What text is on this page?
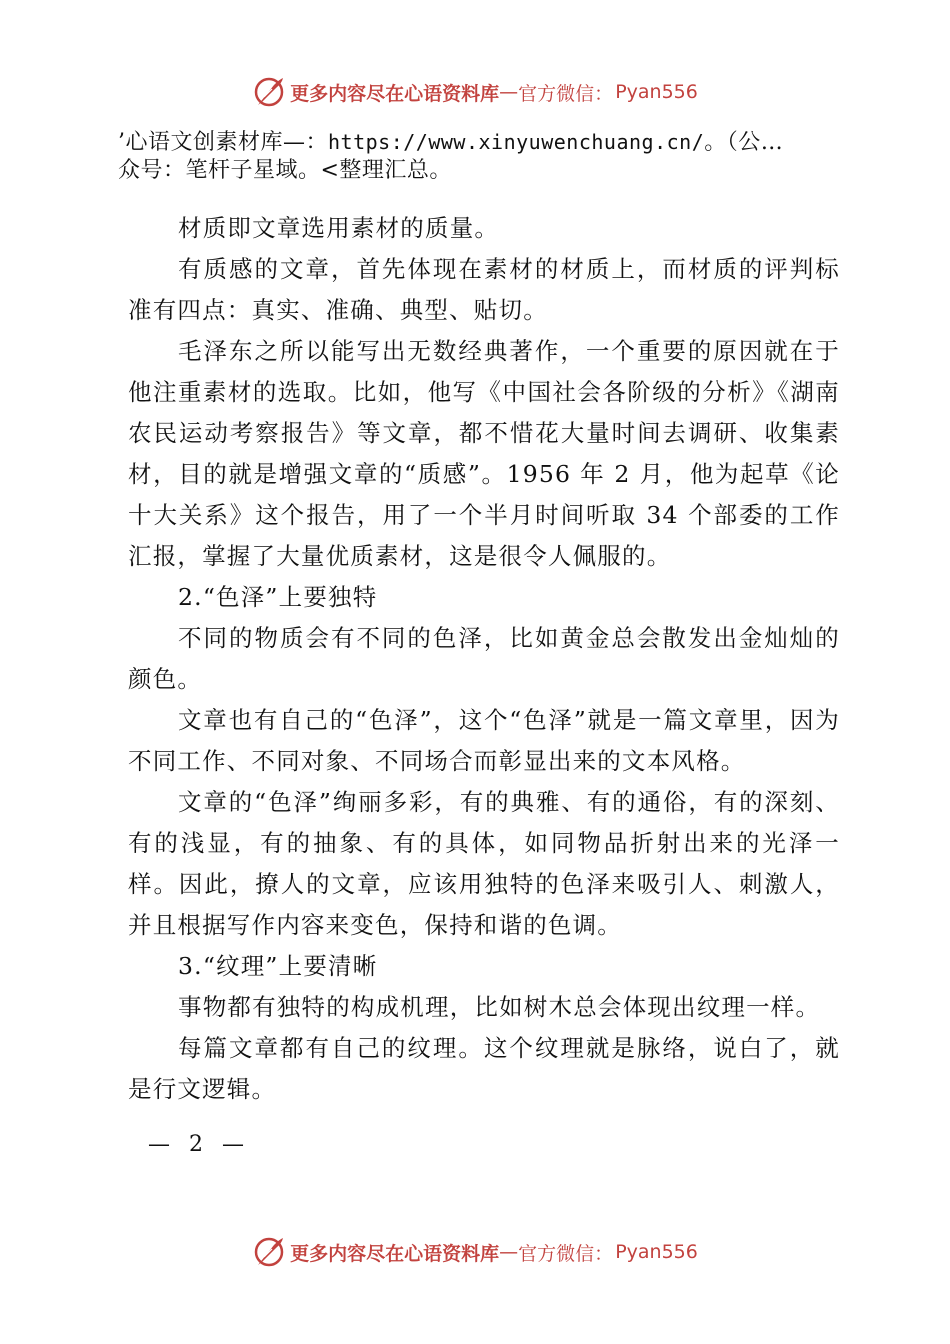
更多内容尽在心语资料库 — 官方微信： Pyan556
’心语文创素材库—：https://www.xinyuwenchuang.cn/。（公…
众号：笔杆子星域。<整理汇总。

材质即文章选用素材的质量。

有质感的文章，首先体现在素材的材质上，而材质的评判标准有四点：真实、准确、典型、贴切。

毛泽东之所以能写出无数经典著作，一个重要的原因就在于他注重素材的选取。比如，他写《中国社会各阶级的分析》《湖南农民运动考察报告》等文章，都不惜花大量时间去调研、收集素材，目的就是增强文章的“质感”。1956 年 2 月，他为起草《论十大关系》这个报告，用了一个半月时间听取 34 个部委的工作汇报，掌握了大量优质素材，这是很令人佩服的。

2.“色泽”上要独特

不同的物质会有不同的色泽，比如黄金总会散发出金灿灿的颜色。

文章也有自己的“色泽”，这个“色泽”就是一篇文章里，因为不同工作、不同对象、不同场合而彰显出来的文本风格。

文章的“色泽”绚丽多彩，有的典雅、有的通俗，有的深刻、有的浅显，有的抽象、有的具体，如同物品折射出来的光泽一样。因此，撩人的文章，应该用独特的色泽来吸引人、刺激人，并且根据写作内容来变色，保持和谐的色调。

3.“纹理”上要清晰

事物都有独特的构成机理，比如树木总会体现出纹理一样。

每篇文章都有自己的纹理。这个纹理就是脉络，说白了，就是行文逻辑。

— 2 —
更多内容尽在心语资料库 — 官方微信： Pyan556
